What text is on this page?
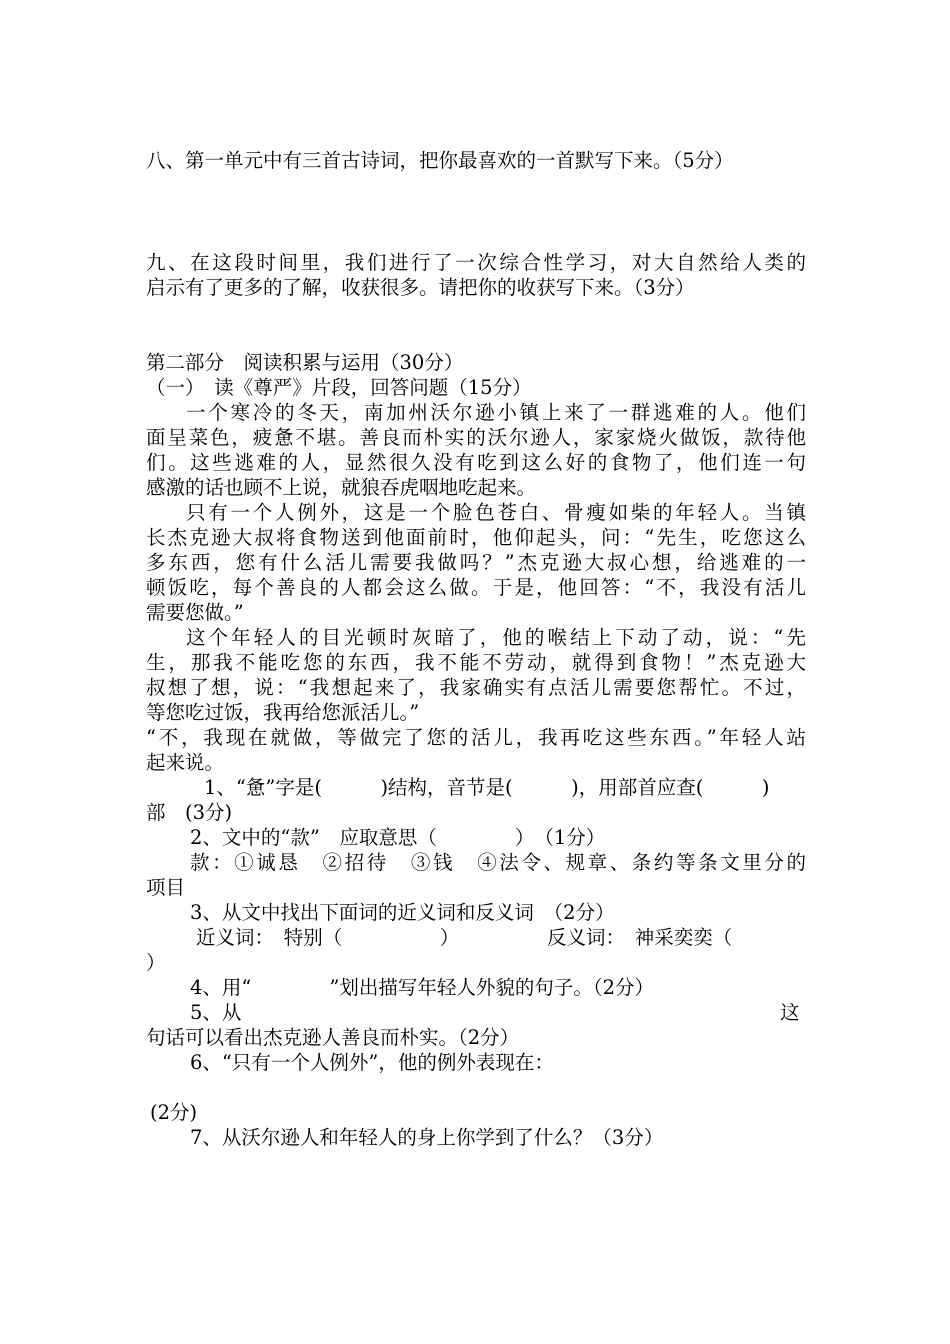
八、第一单元中有三首古诗词，把你最喜欢的一首默写下来。（5分）

九、在这段时间里，我们进行了一次综合性学习，对大自然给人类的

启示有了更多的了解，收获很多。请把你的收获写下来。（3分）

第二部分　阅读积累与运用（30分）

（一）　读《尊严》片段，回答问题（15分）

一个寒冷的冬天，南加州沃尔逊小镇上来了一群逃难的人。他们

面呈菜色，疲惫不堪。善良而朴实的沃尔逊人，家家烧火做饭，款待他

们。这些逃难的人，显然很久没有吃到这么好的食物了，他们连一句

感激的话也顾不上说，就狼吞虎咽地吃起来。

只有一个人例外，这是一个脸色苍白、骨瘦如柴的年轻人。当镇

长杰克逊大叔将食物送到他面前时，他仰起头，问：“先生，吃您这么

多东西，您有什么活儿需要我做吗？”杰克逊大叔心想，给逃难的一

顿饭吃，每个善良的人都会这么做。于是，他回答：“不，我没有活儿

需要您做。”

这个年轻人的目光顿时灰暗了，他的喉结上下动了动，说：“先

生，那我不能吃您的东西，我不能不劳动，就得到食物！”杰克逊大

叔想了想，说：“我想起来了，我家确实有点活儿需要您帮忙。不过，

等您吃过饭，我再给您派活儿。”

“不，我现在就做，等做完了您的活儿，我再吃这些东西。”年轻人站

起来说。

1、“惫”字是(　　　)结构，音节是(　　　)，用部首应查(　　　)

部　(3分)

2、文中的“款”　应取意思（　　　　）　（1分）

款：①诚恳　②招待　③钱　④法令、规章、条约等条文里分的

项目

3、从文中找出下面词的近义词和反义词　（2分）

近义词：　特别（　　　　　）　　　　　反义词：　神采奕奕（

）

4、用“　　　　”划出描写年轻人外貌的句子。（2分）

5、从	这

句话可以看出杰克逊人善良而朴实。（2分）

6、“只有一个人例外”，他的例外表现在：

(2分)

7、从沃尔逊人和年轻人的身上你学到了什么？（3分）
